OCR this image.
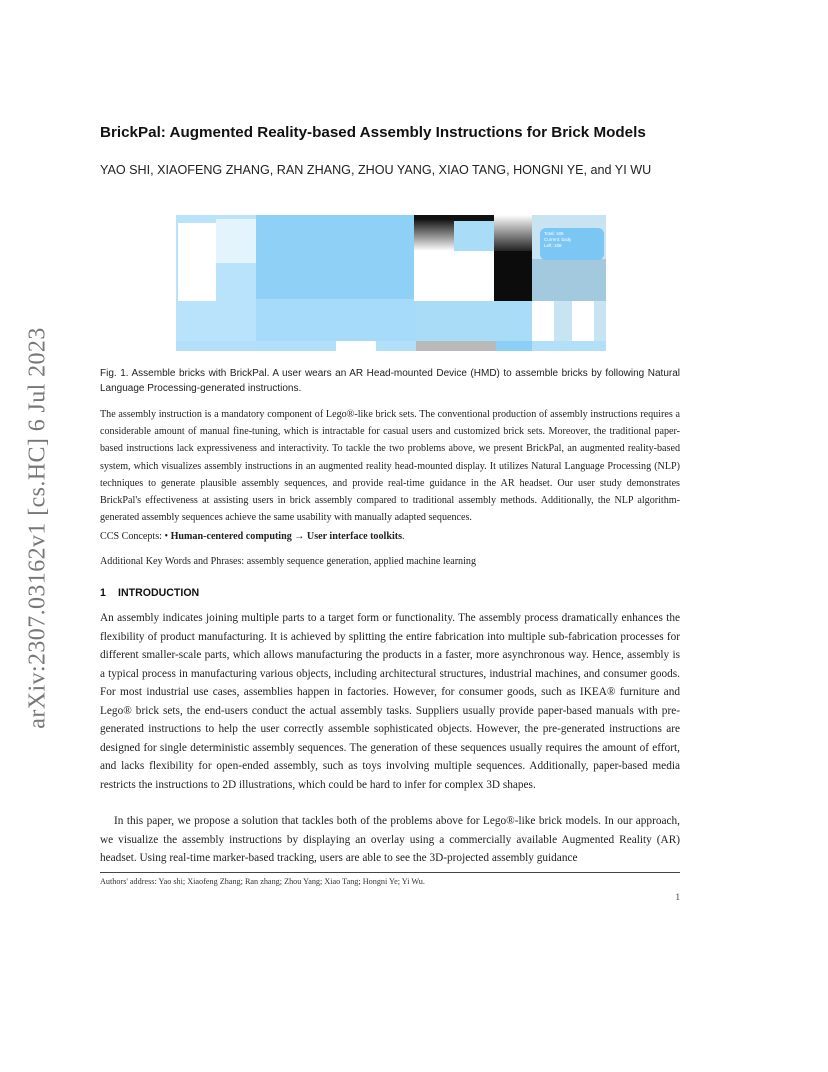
arXiv:2307.03162v1 [cs.HC] 6 Jul 2023
BrickPal: Augmented Reality-based Assembly Instructions for Brick Models
YAO SHI, XIAOFENG ZHANG, RAN ZHANG, ZHOU YANG, XIAO TANG, HONGNI YE, and YI WU
Total: 185
Current: body
Left: 188
Fig. 1. Assemble bricks with BrickPal. A user wears an AR Head-mounted Device (HMD) to assemble bricks by following Natural Language Processing-generated instructions.
The assembly instruction is a mandatory component of Lego®-like brick sets. The conventional production of assembly instructions requires a considerable amount of manual fine-tuning, which is intractable for casual users and customized brick sets. Moreover, the traditional paper-based instructions lack expressiveness and interactivity. To tackle the two problems above, we present BrickPal, an augmented reality-based system, which visualizes assembly instructions in an augmented reality head-mounted display. It utilizes Natural Language Processing (NLP) techniques to generate plausible assembly sequences, and provide real-time guidance in the AR headset. Our user study demonstrates BrickPal's effectiveness at assisting users in brick assembly compared to traditional assembly methods. Additionally, the NLP algorithm-generated assembly sequences achieve the same usability with manually adapted sequences.
CCS Concepts: • Human-centered computing → User interface toolkits.
Additional Key Words and Phrases: assembly sequence generation, applied machine learning
1 INTRODUCTION
An assembly indicates joining multiple parts to a target form or functionality. The assembly process dramatically enhances the flexibility of product manufacturing. It is achieved by splitting the entire fabrication into multiple sub-fabrication processes for different smaller-scale parts, which allows manufacturing the products in a faster, more asynchronous way. Hence, assembly is a typical process in manufacturing various objects, including architectural structures, industrial machines, and consumer goods. For most industrial use cases, assemblies happen in factories. However, for consumer goods, such as IKEA® furniture and Lego® brick sets, the end-users conduct the actual assembly tasks. Suppliers usually provide paper-based manuals with pre-generated instructions to help the user correctly assemble sophisticated objects. However, the pre-generated instructions are designed for single deterministic assembly sequences. The generation of these sequences usually requires the amount of effort, and lacks flexibility for open-ended assembly, such as toys involving multiple sequences. Additionally, paper-based media restricts the instructions to 2D illustrations, which could be hard to infer for complex 3D shapes.
In this paper, we propose a solution that tackles both of the problems above for Lego®-like brick models. In our approach, we visualize the assembly instructions by displaying an overlay using a commercially available Augmented Reality (AR) headset. Using real-time marker-based tracking, users are able to see the 3D-projected assembly guidance
Authors' address: Yao shi; Xiaofeng Zhang; Ran zhang; Zhou Yang; Xiao Tang; Hongni Ye; Yi Wu.
1
